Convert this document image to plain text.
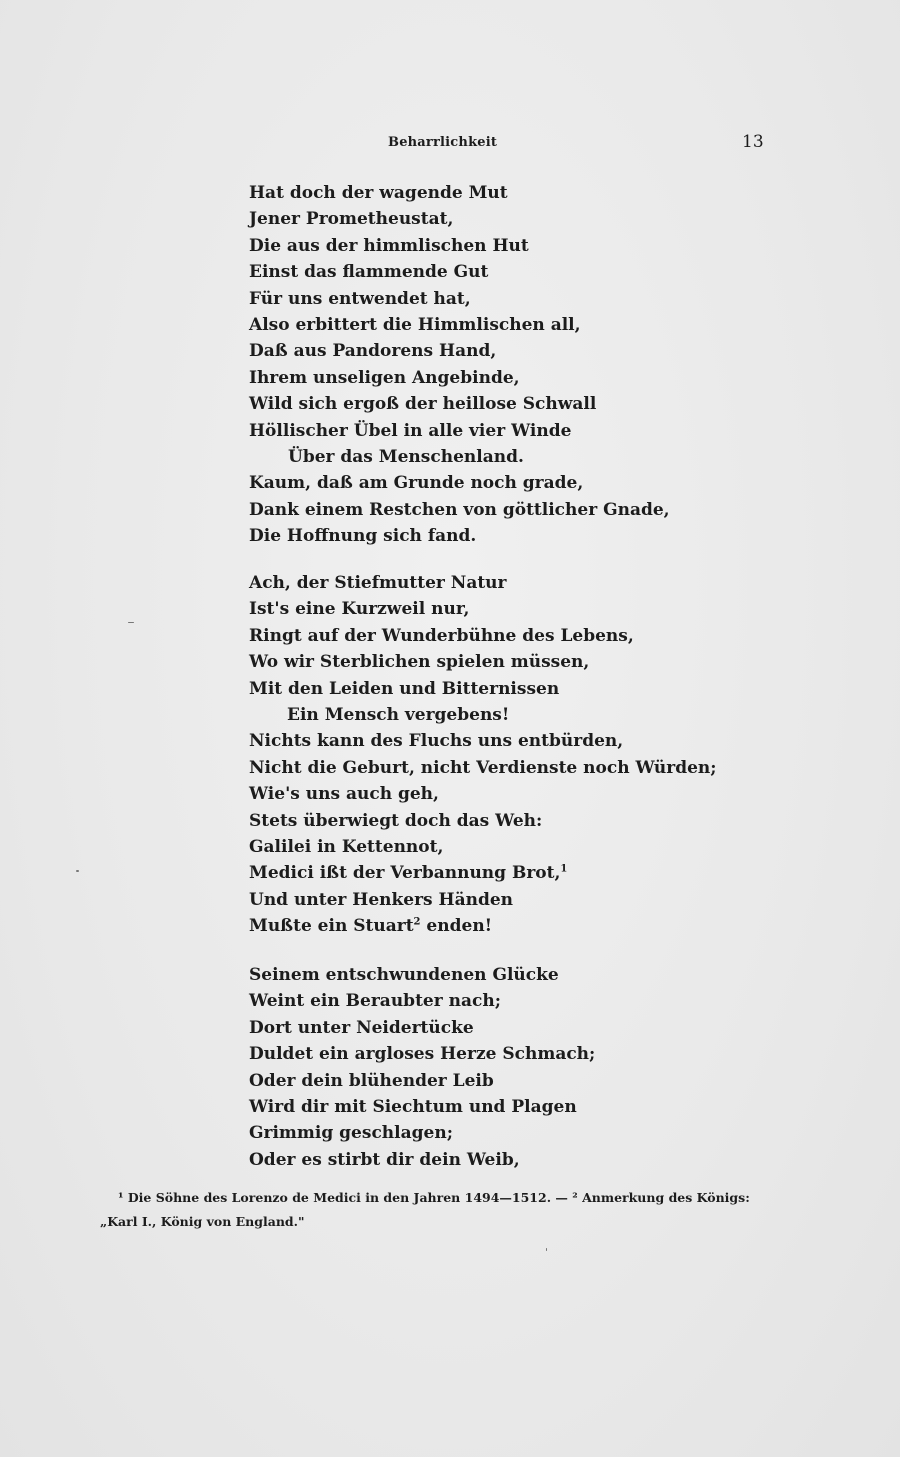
Beharrlichkeit	13
Hat doch der wagende Mut
Jener Prometheustat,
Die aus der himmlischen Hut
Einst das flammende Gut
Für uns entwendet hat,
Also erbittert die Himmlischen all,
Daß aus Pandorens Hand,
Ihrem unseligen Angebinde,
Wild sich ergoß der heillose Schwall
Höllischer Übel in alle vier Winde
Über das Menschenland.
Kaum, daß am Grunde noch grade,
Dank einem Restchen von göttlicher Gnade,
Die Hoffnung sich fand.
Ach, der Stiefmutter Natur
Ist's eine Kurzweil nur,
Ringt auf der Wunderbühne des Lebens,
Wo wir Sterblichen spielen müssen,
Mit den Leiden und Bitternissen
Ein Mensch vergebens!
Nichts kann des Fluchs uns entbürden,
Nicht die Geburt, nicht Verdienste noch Würden;
Wie's uns auch geh,
Stets überwiegt doch das Weh:
Galilei in Kettennot,
Medici ißt der Verbannung Brot,$^1$
Und unter Henkers Händen
Mußte ein Stuart$^2$ enden!
Seinem entschwundenen Glücke
Weint ein Beraubter nach;
Dort unter Neidertücke
Duldet ein argloses Herze Schmach;
Oder dein blühender Leib
Wird dir mit Siechtum und Plagen
Grimmig geschlagen;
Oder es stirbt dir dein Weib,
¹ Die Söhne des Lorenzo de Medici in den Jahren 1494—1512. — ² Anmerkung des Königs:
„Karl I., König von England."
